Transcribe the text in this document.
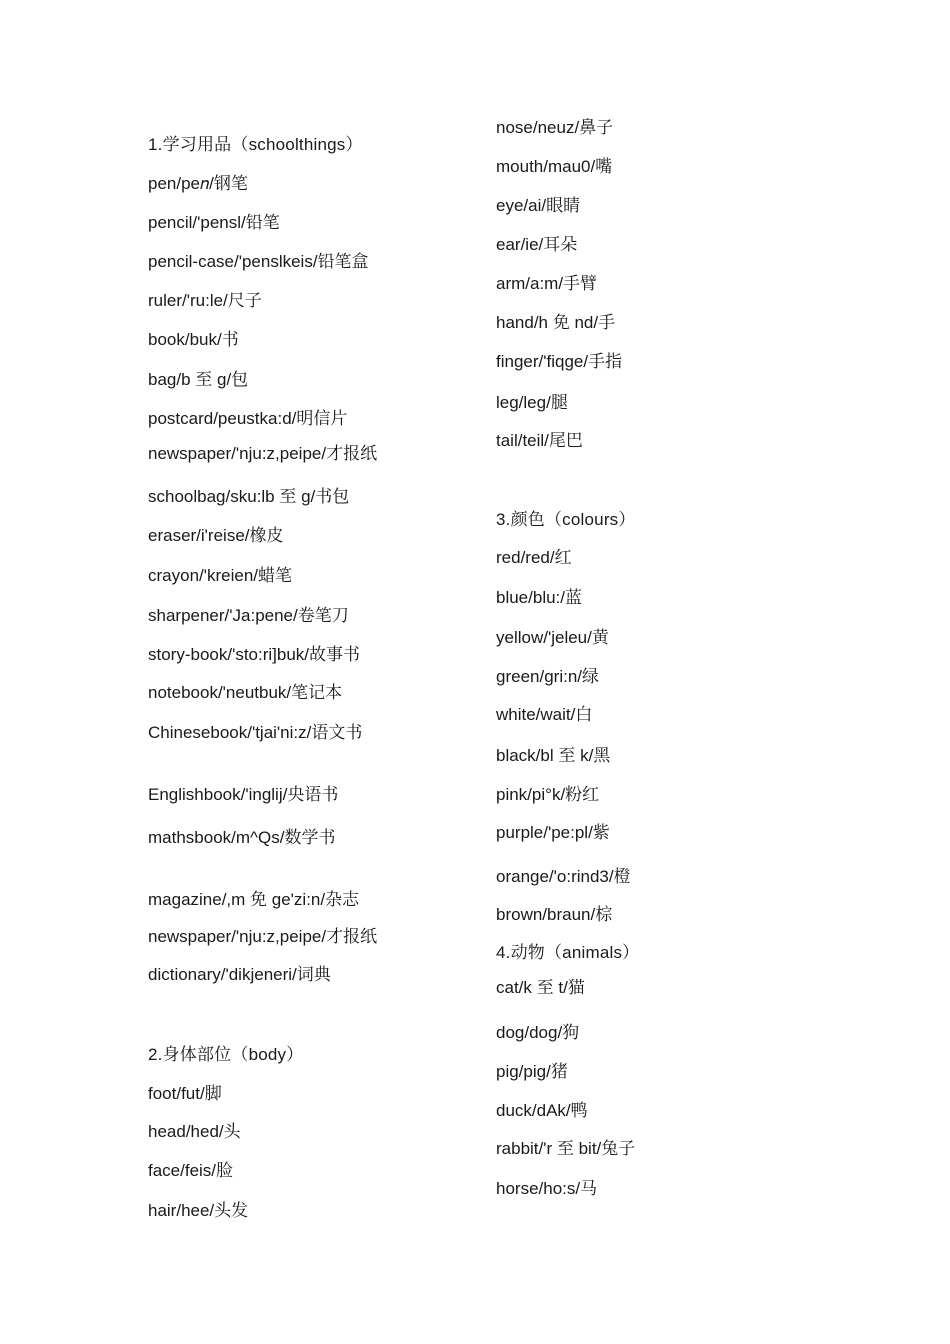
1.学习用品（schoolthings）
pen/pe𝑛/钢笔
pencil/'pensl/铅笔
pencil-case/'penslkeis/铅笔盒
ruler/'ru:le/尺子
book/buk/书
bag/b 至 g/包
postcard/peustka:d/明信片
newspaper/'nju:z,peipe/才报纸
schoolbag/sku:lb 至 g/书包
eraser/i'reise/橡皮
crayon/'kreien/蜡笔
sharpener/'Ja:pene/卷笔刀
story-book/'sto:ri]buk/故事书
notebook/'neutbuk/笔记本
Chinesebook/'tjai'ni:z/语文书
Englishbook/'inglij/央语书
mathsbook/m^Qs/数学书
magazine/,m 免 ge'zi:n/杂志
newspaper/'nju:z,peipe/才报纸
dictionary/'dikjeneri/词典
2.身体部位（body）
foot/fut/脚
head/hed/头
face/feis/脸
hair/hee/头发
nose/neuz/鼻子
mouth/mau0/嘴
eye/ai/眼睛
ear/ie/耳朵
arm/a:m/手臂
hand/h 免 nd/手
finger/'fiqge/手指
leg/leg/腿
tail/teil/尾巴
3.颜色（colours）
red/red/红
blue/blu:/蓝
yellow/'jeleu/黄
green/gri:n/绿
white/wait/白
black/bl 至 k/黑
pink/pi°k/粉红
purple/'pe:pl/紫
orange/'o:rind3/橙
brown/braun/棕
4.动物（animals）
cat/k 至 t/猫
dog/dog/狗
pig/pig/猪
duck/dAk/鸭
rabbit/'r 至 bit/兔子
horse/ho:s/马
